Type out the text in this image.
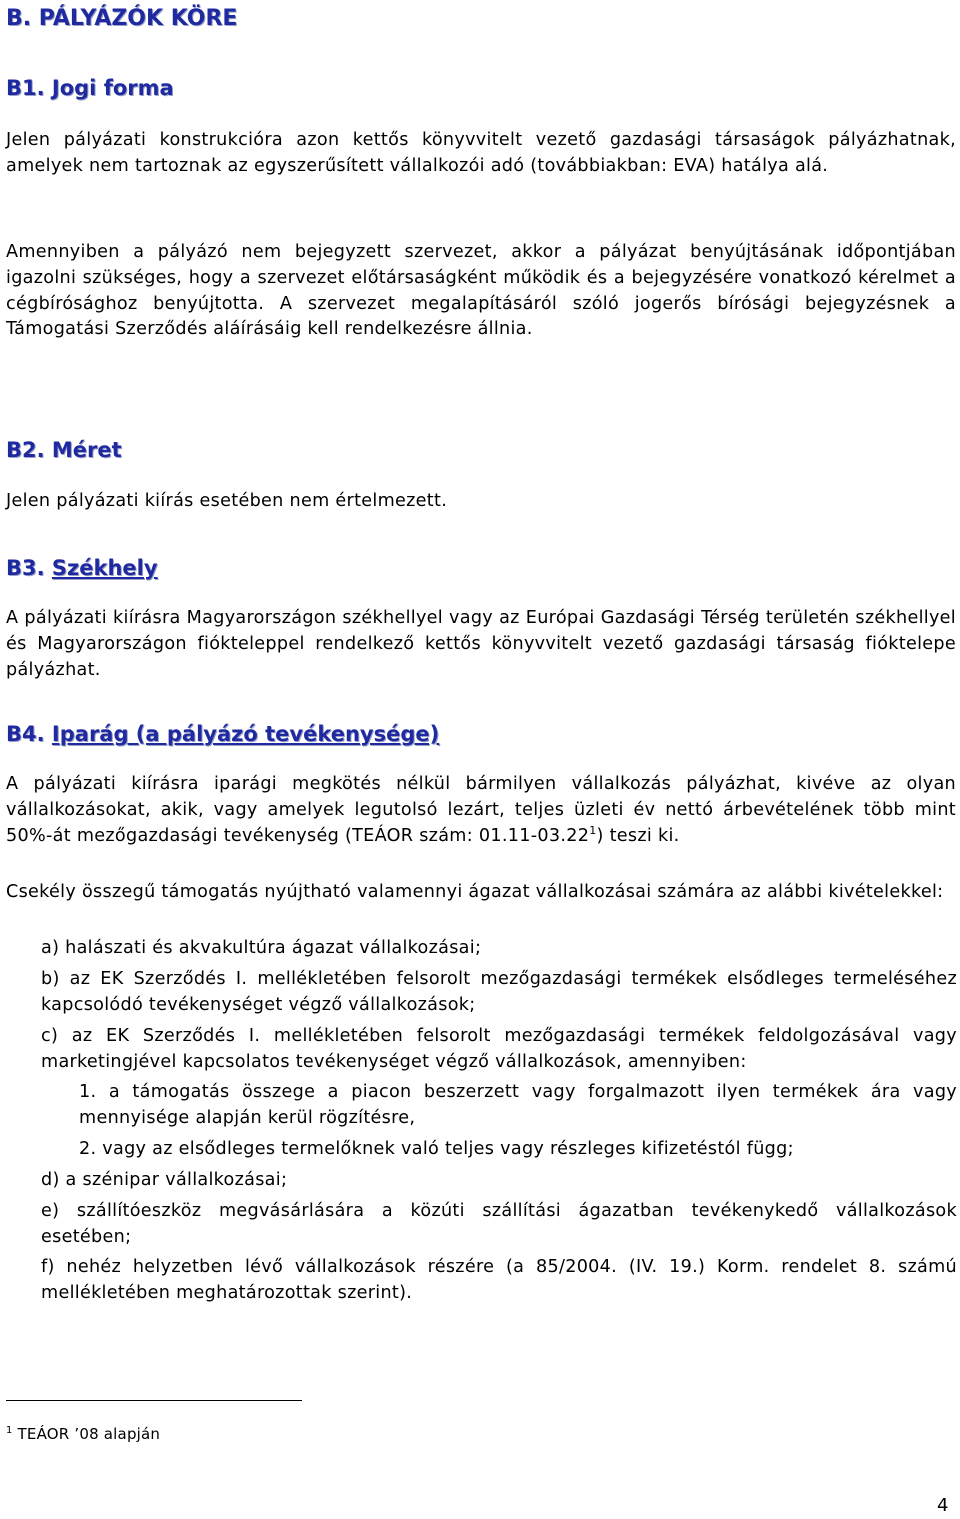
B. PÁLYÁZÓK KÖRE
B1. Jogi forma

Jelen pályázati konstrukcióra azon kettős könyvvitelt vezető gazdasági társaságok pályázhatnak, amelyek nem tartoznak az egyszerűsített vállalkozói adó (továbbiakban: EVA) hatálya alá.

Amennyiben a pályázó nem bejegyzett szervezet, akkor a pályázat benyújtásának időpontjában igazolni szükséges, hogy a szervezet előtársaságként működik és a bejegyzésére vonatkozó kérelmet a cégbírósághoz benyújtotta. A szervezet megalapításáról szóló jogerős bírósági bejegyzésnek a Támogatási Szerződés aláírásáig kell rendelkezésre állnia.

B2. Méret

Jelen pályázati kiírás esetében nem értelmezett.

B3. Székhely

A pályázati kiírásra Magyarországon székhellyel vagy az Európai Gazdasági Térség területén székhellyel és Magyarországon fiókteleppel rendelkező kettős könyvvitelt vezető gazdasági társaság fióktelepe pályázhat.

B4. Iparág (a pályázó tevékenysége)

A pályázati kiírásra iparági megkötés nélkül bármilyen vállalkozás pályázhat, kivéve az olyan vállalkozásokat, akik, vagy amelyek legutolsó lezárt, teljes üzleti év nettó árbevételének több mint 50%-át mezőgazdasági tevékenység (TEÁOR szám: 01.11-03.22$^1$) teszi ki.

Csekély összegű támogatás nyújtható valamennyi ágazat vállalkozásai számára az alábbi kivételekkel:

a) halászati és akvakultúra ágazat vállalkozásai;

b) az EK Szerződés I. mellékletében felsorolt mezőgazdasági termékek elsődleges termeléséhez kapcsolódó tevékenységet végző vállalkozások;

c) az EK Szerződés I. mellékletében felsorolt mezőgazdasági termékek feldolgozásával vagy marketingjével kapcsolatos tevékenységet végző vállalkozások, amennyiben:

1. a támogatás összege a piacon beszerzett vagy forgalmazott ilyen termékek ára vagy mennyisége alapján kerül rögzítésre,

2. vagy az elsődleges termelőknek való teljes vagy részleges kifizetéstól függ;

d) a szénipar vállalkozásai;

e) szállítóeszköz megvásárlására a közúti szállítási ágazatban tevékenykedő vállalkozások esetében;

f) nehéz helyzetben lévő vállalkozások részére (a 85/2004. (IV. 19.) Korm. rendelet 8. számú mellékletében meghatározottak szerint).

$^1$ TEÁOR ’08 alapján
4
